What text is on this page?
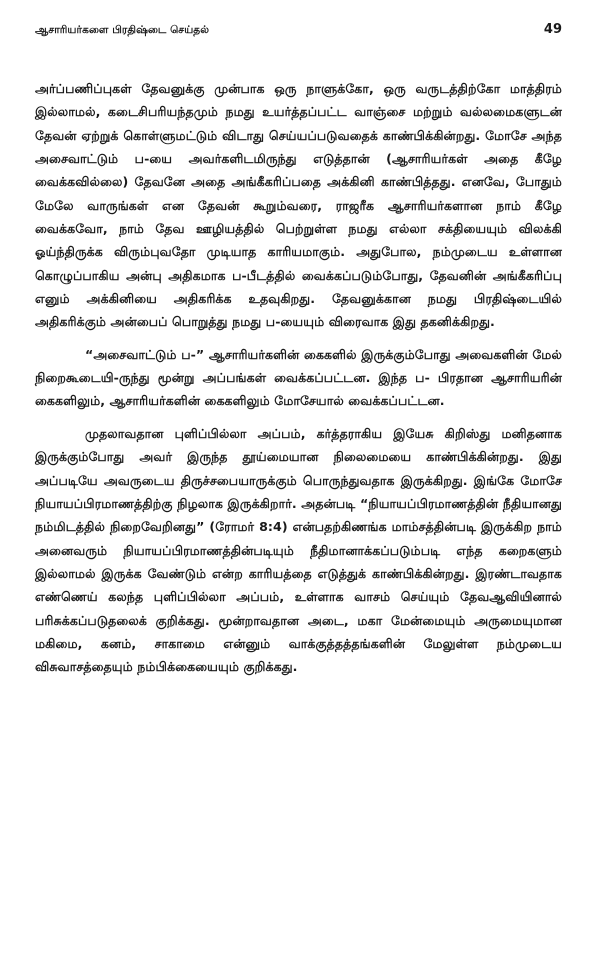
ஆசாரியர்களை பிரதிஷ்டை செய்தல்	49

அர்ப்பணிப்புகள் தேவனுக்கு முன்பாக ஒரு நாளுக்கோ, ஒரு வருடத்திற்கோ மாத்திரம் இல்லாமல், கடைசிபரியந்தமும் நமது உயர்த்தப்பட்ட வாஞ்சை மற்றும் வல்லமைகளுடன் தேவன் ஏற்றுக் கொள்ளுமட்டும் விடாது செய்யப்படுவதைக் காண்பிக்கின்றது. மோசே அந்த அசைவாட்டும் ப-யை அவர்களிடமிருந்து எடுத்தான் (ஆசாரியர்கள் அதை கீழே வைக்கவில்லை) தேவனே அதை அங்கீகரிப்பதை அக்கினி காண்பித்தது. எனவே, போதும் மேலே வாருங்கள் என தேவன் கூறும்வரை, ராஜரீக ஆசாரியர்களான நாம் கீழே வைக்கவோ, நாம் தேவ ஊழியத்தில் பெற்றுள்ள நமது எல்லா சக்தியையும் விலக்கி ஓய்ந்திருக்க விரும்புவதோ முடியாத காரியமாகும். அதுபோல, நம்முடைய உள்ளான கொழுப்பாகிய அன்பு அதிகமாக ப-பீடத்தில் வைக்கப்படும்போது, தேவனின் அங்கீகரிப்பு எனும் அக்கினியை அதிகரிக்க உதவுகிறது. தேவனுக்கான நமது பிரதிஷ்டையில் அதிகரிக்கும் அன்பைப் பொறுத்து நமது ப-யையும் விரைவாக இது தகனிக்கிறது.

“அசைவாட்டும் ப-” ஆசாரியர்களின் கைகளில் இருக்கும்போது அவைகளின் மேல் நிறைகூடையி-ருந்து மூன்று அப்பங்கள் வைக்கப்பட்டன. இந்த ப- பிரதான ஆசாரியரின் கைகளிலும், ஆசாரியர்களின் கைகளிலும் மோசேயால் வைக்கப்பட்டன.

முதலாவதான புளிப்பில்லா அப்பம், கர்த்தராகிய இயேசு கிறிஸ்து மனிதனாக இருக்கும்போது அவர் இருந்த தூய்மையான நிலைமையை காண்பிக்கின்றது. இது அப்படியே அவருடைய திருச்சபையாருக்கும் பொருந்துவதாக இருக்கிறது. இங்கே மோசே நியாயப்பிரமாணத்திற்கு நிழலாக இருக்கிறார். அதன்படி “நியாயப்பிரமாணத்தின் நீதியானது நம்மிடத்தில் நிறைவேறினது” (ரோமர் 8:4) என்பதற்கிணங்க மாம்சத்தின்படி இருக்கிற நாம் அனைவரும் நியாயப்பிரமாணத்தின்படியும் நீதிமானாக்கப்படும்படி எந்த கறைகளும் இல்லாமல் இருக்க வேண்டும் என்ற காரியத்தை எடுத்துக் காண்பிக்கின்றது. இரண்டாவதாக எண்ணெய் கலந்த புளிப்பில்லா அப்பம், உள்ளாக வாசம் செய்யும் தேவஆவியினால் பரிசுக்கப்படுதலைக் குறிக்கது. மூன்றாவதான அடை, மகா மேன்மையும் அருமையுமான மகிமை, கனம், சாகாமை என்னும் வாக்குத்தத்தங்களின் மேலுள்ள நம்முடைய விசுவாசத்தையும் நம்பிக்கையையும் குறிக்கது.
